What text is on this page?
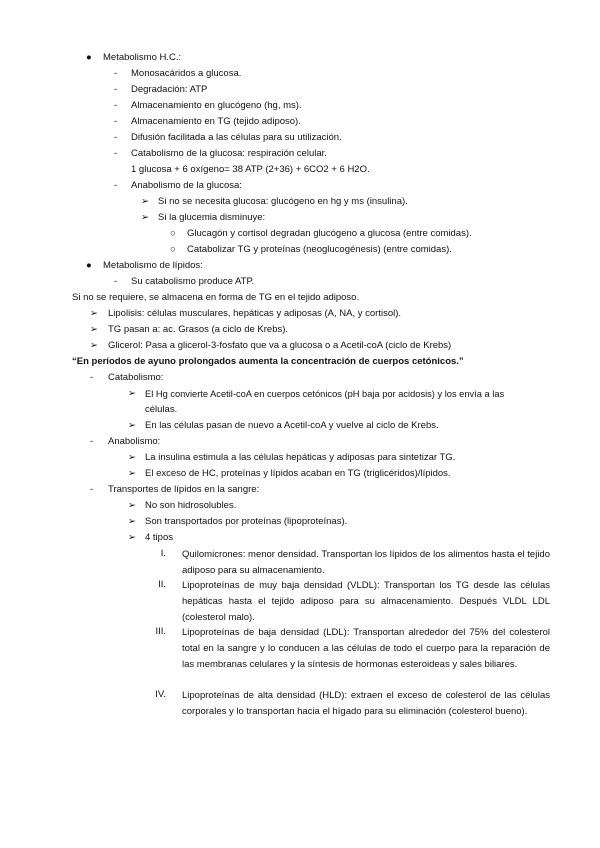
● Metabolismo H.C.:
- Monosacáridos a glucosa.
- Degradación: ATP
- Almacenamiento en glucógeno (hg, ms).
- Almacenamiento en TG (tejido adiposo).
- Difusión facilitada a las células para su utilización.
- Catabolismo de la glucosa: respiración celular.
1 glucosa + 6 oxígeno= 38 ATP (2+36) + 6CO2 + 6 H2O.
- Anabolismo de la glucosa:
➢ Si no se necesita glucosa: glucógeno en hg y ms (insulina).
➢ Si la glucemia disminuye:
○ Glucagón y cortisol degradan glucógeno a glucosa (entre comidas).
○ Catabolizar TG y proteínas (neoglucogénesis) (entre comidas).
● Metabolismo de lípidos:
- Su catabolismo produce ATP.
Si no se requiere, se almacena en forma de TG en el tejido adiposo.
➢ Lipolisis: células musculares, hepáticas y adiposas (A, NA, y cortisol).
➢ TG pasan a: ac. Grasos (a ciclo de Krebs).
➢ Glicerol: Pasa a glicerol-3-fosfato que va a glucosa o a Acetil-coA (ciclo de Krebs)
“En períodos de ayuno prolongados aumenta la concentración de cuerpos cetónicos.”
- Catabolismo:
➢ El Hg convierte Acetil-coA en cuerpos cetónicos (pH baja por acidosis) y los envía a las
células.
➢ En las células pasan de nuevo a Acetil-coA y vuelve al ciclo de Krebs.
- Anabolismo:
➢ La insulina estimula a las células hepáticas y adiposas para sintetizar TG.
➢ El exceso de HC, proteínas y lípidos acaban en TG (triglicéridos)/lípidos.
- Transportes de lípidos en la sangre:
➢ No son hidrosolubles.
➢ Son transportados por proteínas (lipoproteínas).
➢ 4 tipos
I. Quilomicrones: menor densidad. Transportan los lípidos de los alimentos hasta el tejido adiposo para su almacenamiento.
II. Lipoproteínas de muy baja densidad (VLDL): Transportan los TG desde las células hepáticas hasta el tejido adiposo para su almacenamiento. Después VLDL LDL (colesterol malo).
III. Lipoproteínas de baja densidad (LDL): Transportan alrededor del 75% del colesterol total en la sangre y lo conducen a las células de todo el cuerpo para la reparación de las membranas celulares y la síntesis de hormonas esteroideas y sales biliares.
IV. Lipoproteínas de alta densidad (HLD): extraen el exceso de colesterol de las células corporales y lo transportan hacia el hígado para su eliminación (colesterol bueno).
